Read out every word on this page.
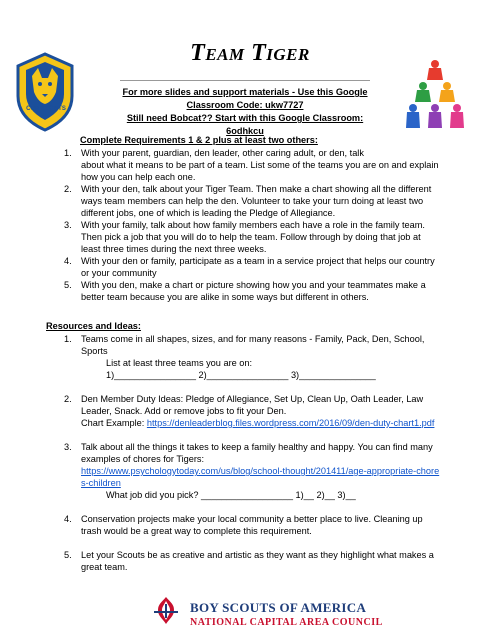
CUB SCOUTS
Team Tiger
For more slides and support materials - Use this Google
Classroom Code: ukw7727
Still need Bobcat?? Start with this Google Classroom: 6odhkcu
Complete Requirements 1 & 2 plus at least two others:
1. With your parent, guardian, den leader, other caring adult, or den, talk
about what it means to be part of a team. List some of the teams you are on and explain
how you can help each one.
2. With your den, talk about your Tiger Team. Then make a chart showing all the different
ways team members can help the den. Volunteer to take your turn doing at least two
different jobs, one of which is leading the Pledge of Allegiance.
3. With your family, talk about how family members each have a role in the family team.
Then pick a job that you will do to help the team. Follow through by doing that job at
least three times during the next three weeks.
4. With your den or family, participate as a team in a service project that helps our country
or your community
5. With you den, make a chart or picture showing how you and your teammates make a
better team because you are alike in some ways but different in others.
Resources and Ideas:
1. Teams come in all shapes, sizes, and for many reasons - Family, Pack, Den, School,
Sports
List at least three teams you are on:
1)________________ 2)________________ 3)_______________
2. Den Member Duty Ideas: Pledge of Allegiance, Set Up, Clean Up, Oath Leader, Law
Leader, Snack. Add or remove jobs to fit your Den.
Chart Example: https://denleaderblog.files.wordpress.com/2016/09/den-duty-chart1.pdf
3. Talk about all the things it takes to keep a family healthy and happy. You can find many
examples of chores for Tigers:
https://www.psychologytoday.com/us/blog/school-thought/201411/age-appropriate-chore
s-children
What job did you pick? __________________ 1)__ 2)__ 3)__
4. Conservation projects make your local community a better place to live. Cleaning up
trash would be a great way to complete this requirement.
5. Let your Scouts be as creative and artistic as they want as they highlight what makes a
great team.
BOY SCOUTS OF AMERICA
NATIONAL CAPITAL AREA COUNCIL
